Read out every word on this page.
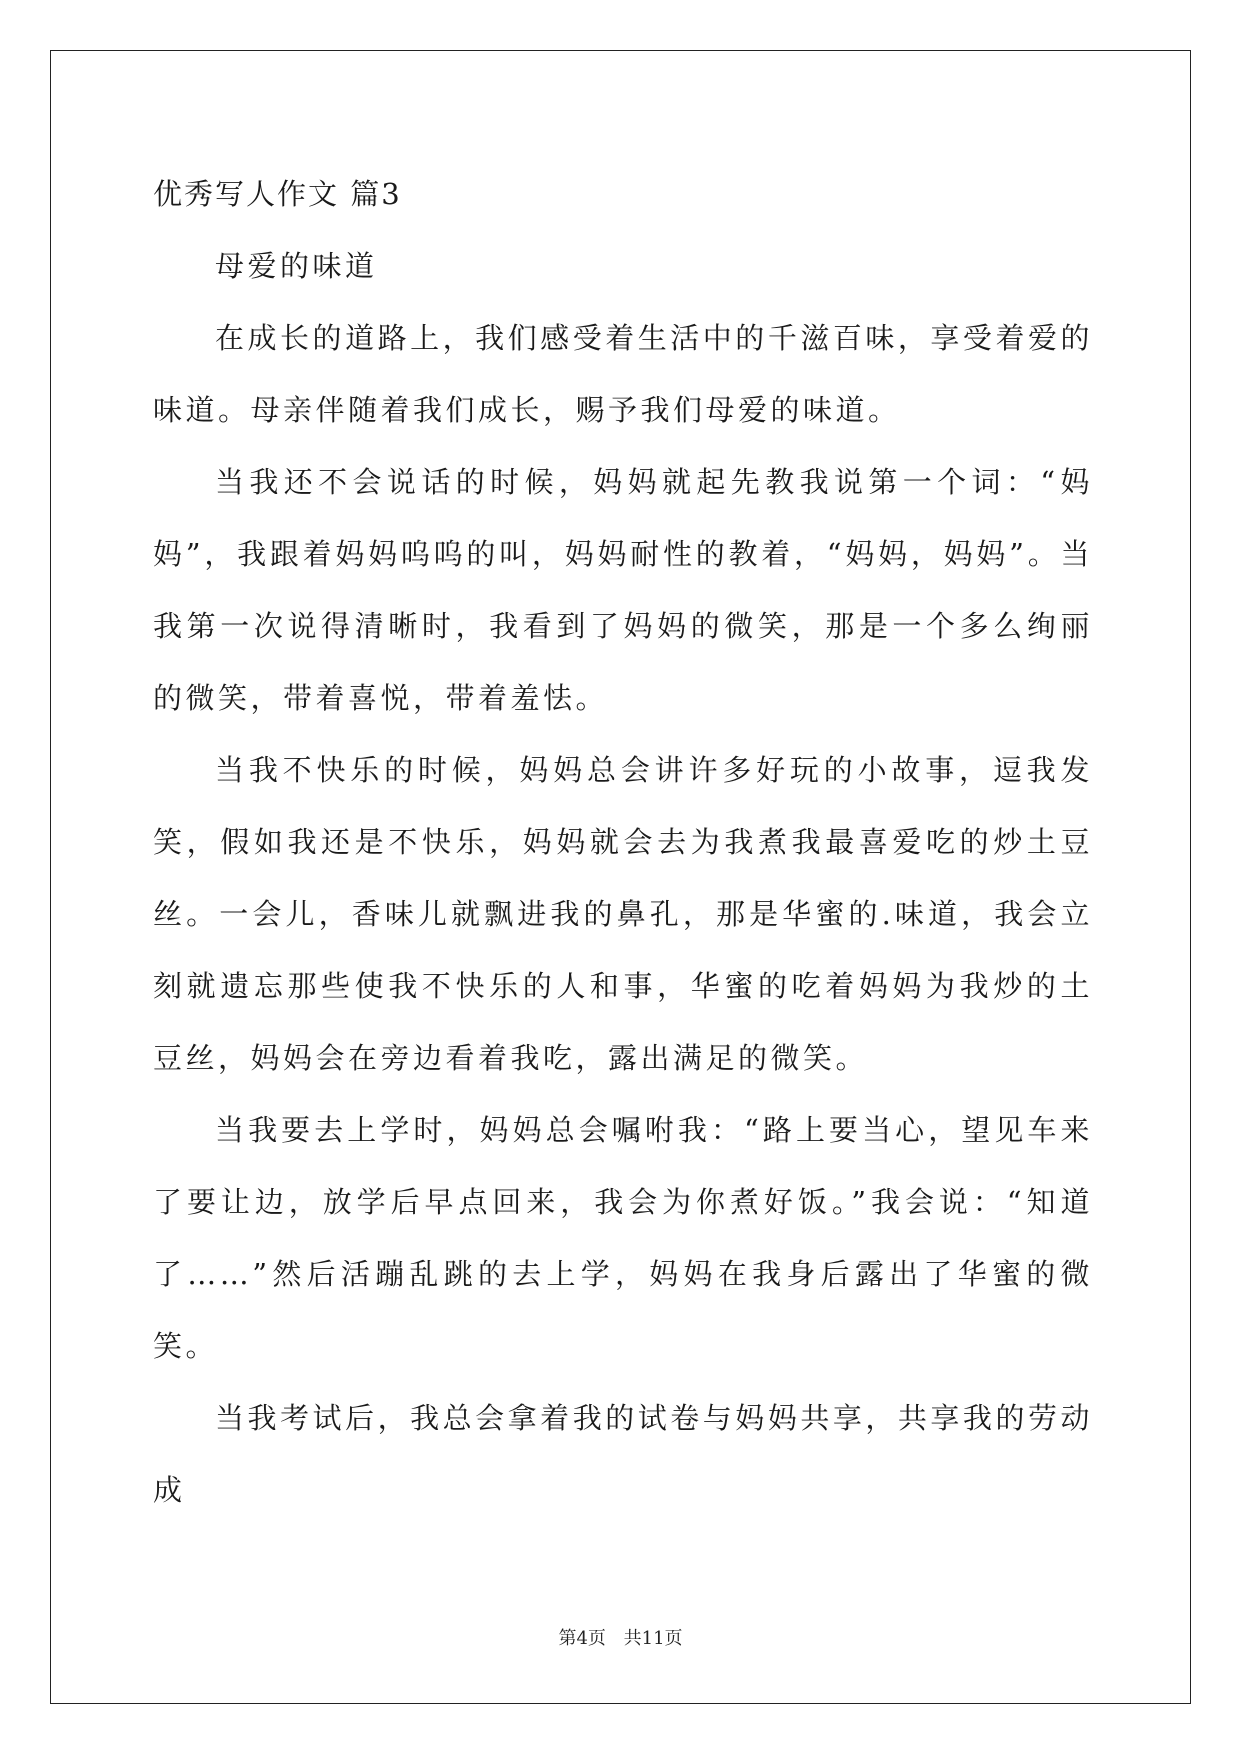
优秀写人作文 篇3

母爱的味道

在成长的道路上，我们感受着生活中的千滋百味，享受着爱的味道。母亲伴随着我们成长，赐予我们母爱的味道。

当我还不会说话的时候，妈妈就起先教我说第一个词：“妈妈”，我跟着妈妈呜呜的叫，妈妈耐性的教着，“妈妈，妈妈”。当我第一次说得清晰时，我看到了妈妈的微笑，那是一个多么绚丽的微笑，带着喜悦，带着羞怯。

当我不快乐的时候，妈妈总会讲许多好玩的小故事，逗我发笑，假如我还是不快乐，妈妈就会去为我煮我最喜爱吃的炒土豆丝。一会儿，香味儿就飘进我的鼻孔，那是华蜜的.味道，我会立刻就遗忘那些使我不快乐的人和事，华蜜的吃着妈妈为我炒的土豆丝，妈妈会在旁边看着我吃，露出满足的微笑。

当我要去上学时，妈妈总会嘱咐我：“路上要当心，望见车来了要让边，放学后早点回来，我会为你煮好饭。”我会说：“知道了……”然后活蹦乱跳的去上学，妈妈在我身后露出了华蜜的微笑。

当我考试后，我总会拿着我的试卷与妈妈共享，共享我的劳动成

第4页 共11页
